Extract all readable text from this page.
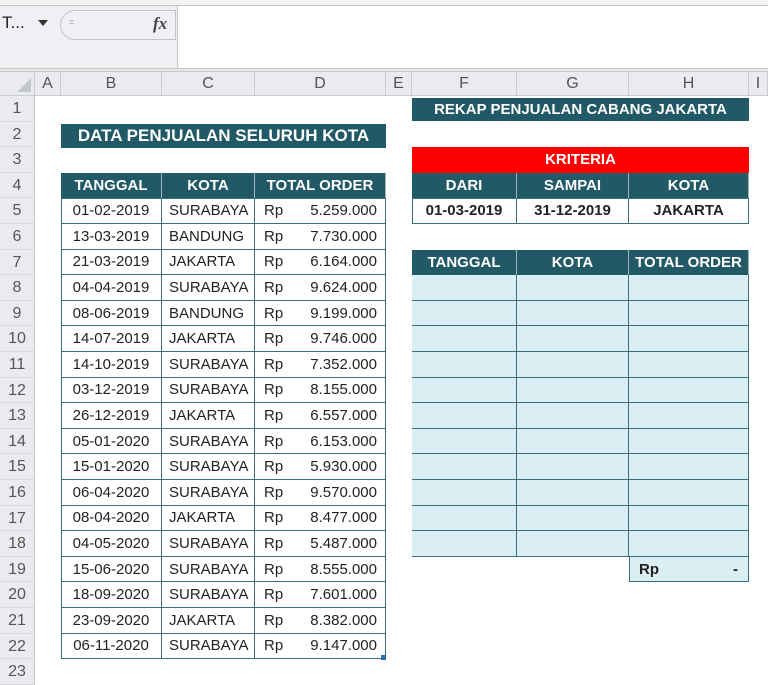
T...	=	fx
A	B	C	D	E	F	G	H	I
1
2
3
4
5
6
7
8
9
10
11
12
13
14
15
16
17
18
19
20
21
22
23
DATA PENJUALAN SELURUH KOTA
TANGGAL	KOTA	TOTAL ORDER
01-02-2019	SURABAYA	Rp 5.259.000
13-03-2019	BANDUNG	Rp 7.730.000
21-03-2019	JAKARTA	Rp 6.164.000
04-04-2019	SURABAYA	Rp 9.624.000
08-06-2019	BANDUNG	Rp 9.199.000
14-07-2019	JAKARTA	Rp 9.746.000
14-10-2019	SURABAYA	Rp 7.352.000
03-12-2019	SURABAYA	Rp 8.155.000
26-12-2019	JAKARTA	Rp 6.557.000
05-01-2020	SURABAYA	Rp 6.153.000
15-01-2020	SURABAYA	Rp 5.930.000
06-04-2020	SURABAYA	Rp 9.570.000
08-04-2020	JAKARTA	Rp 8.477.000
04-05-2020	SURABAYA	Rp 5.487.000
15-06-2020	SURABAYA	Rp 8.555.000
18-09-2020	SURABAYA	Rp 7.601.000
23-09-2020	JAKARTA	Rp 8.382.000
06-11-2020	SURABAYA	Rp 9.147.000
REKAP PENJUALAN CABANG JAKARTA
KRITERIA
DARI	SAMPAI	KOTA
01-03-2019	31-12-2019	JAKARTA
TANGGAL	KOTA	TOTAL ORDER
Rp	-
